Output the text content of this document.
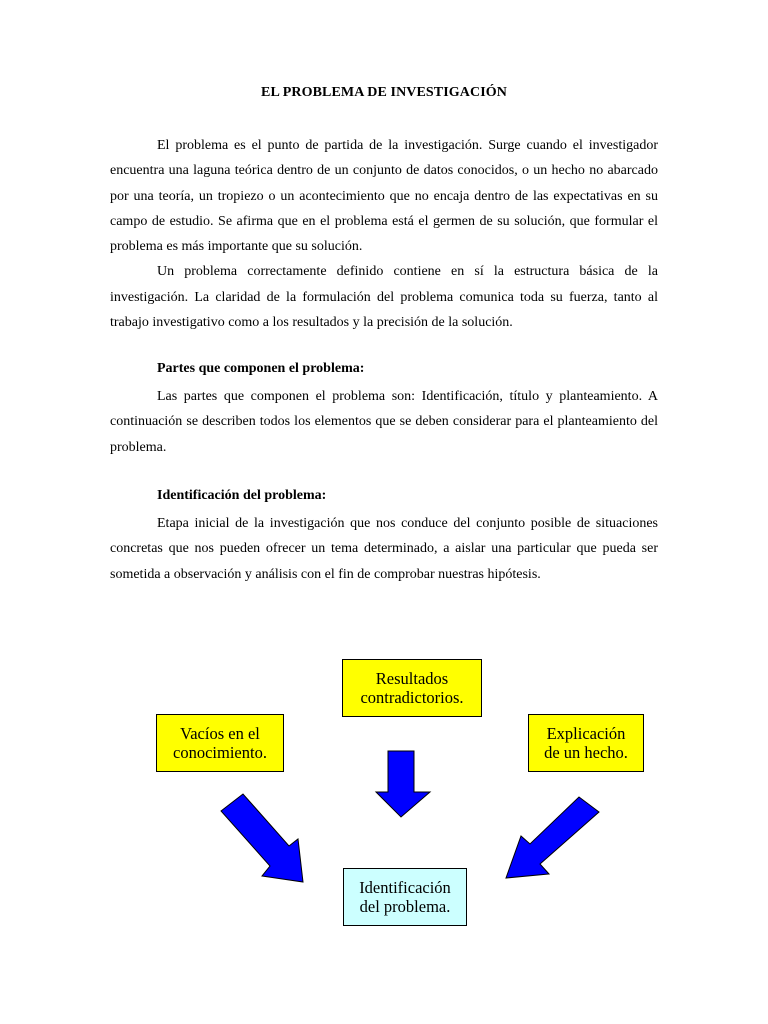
EL PROBLEMA DE INVESTIGACIÓN

El problema es el punto de partida de la investigación. Surge cuando el investigador encuentra una laguna teórica dentro de un conjunto de datos conocidos, o un hecho no abarcado por una teoría, un tropiezo o un acontecimiento que no encaja dentro de las expectativas en su campo de estudio. Se afirma que en el problema está el germen de su solución, que formular el problema es más importante que su solución.

Un problema correctamente definido contiene en sí la estructura básica de la investigación. La claridad de la formulación del problema comunica toda su fuerza, tanto al trabajo investigativo como a los resultados y la precisión de la solución.

Partes que componen el problema:

Las partes que componen el problema son: Identificación, título y planteamiento. A continuación se describen todos los elementos que se deben considerar para el planteamiento del problema.

Identificación del problema:

Etapa inicial de la investigación que nos conduce del conjunto posible de situaciones concretas que nos pueden ofrecer un tema determinado, a aislar una particular que pueda ser sometida a observación y análisis con el fin de comprobar nuestras hipótesis.

Resultados
contradictorios.
Vacíos en el
conocimiento.
Explicación
de un hecho.
Identificación
del problema.
